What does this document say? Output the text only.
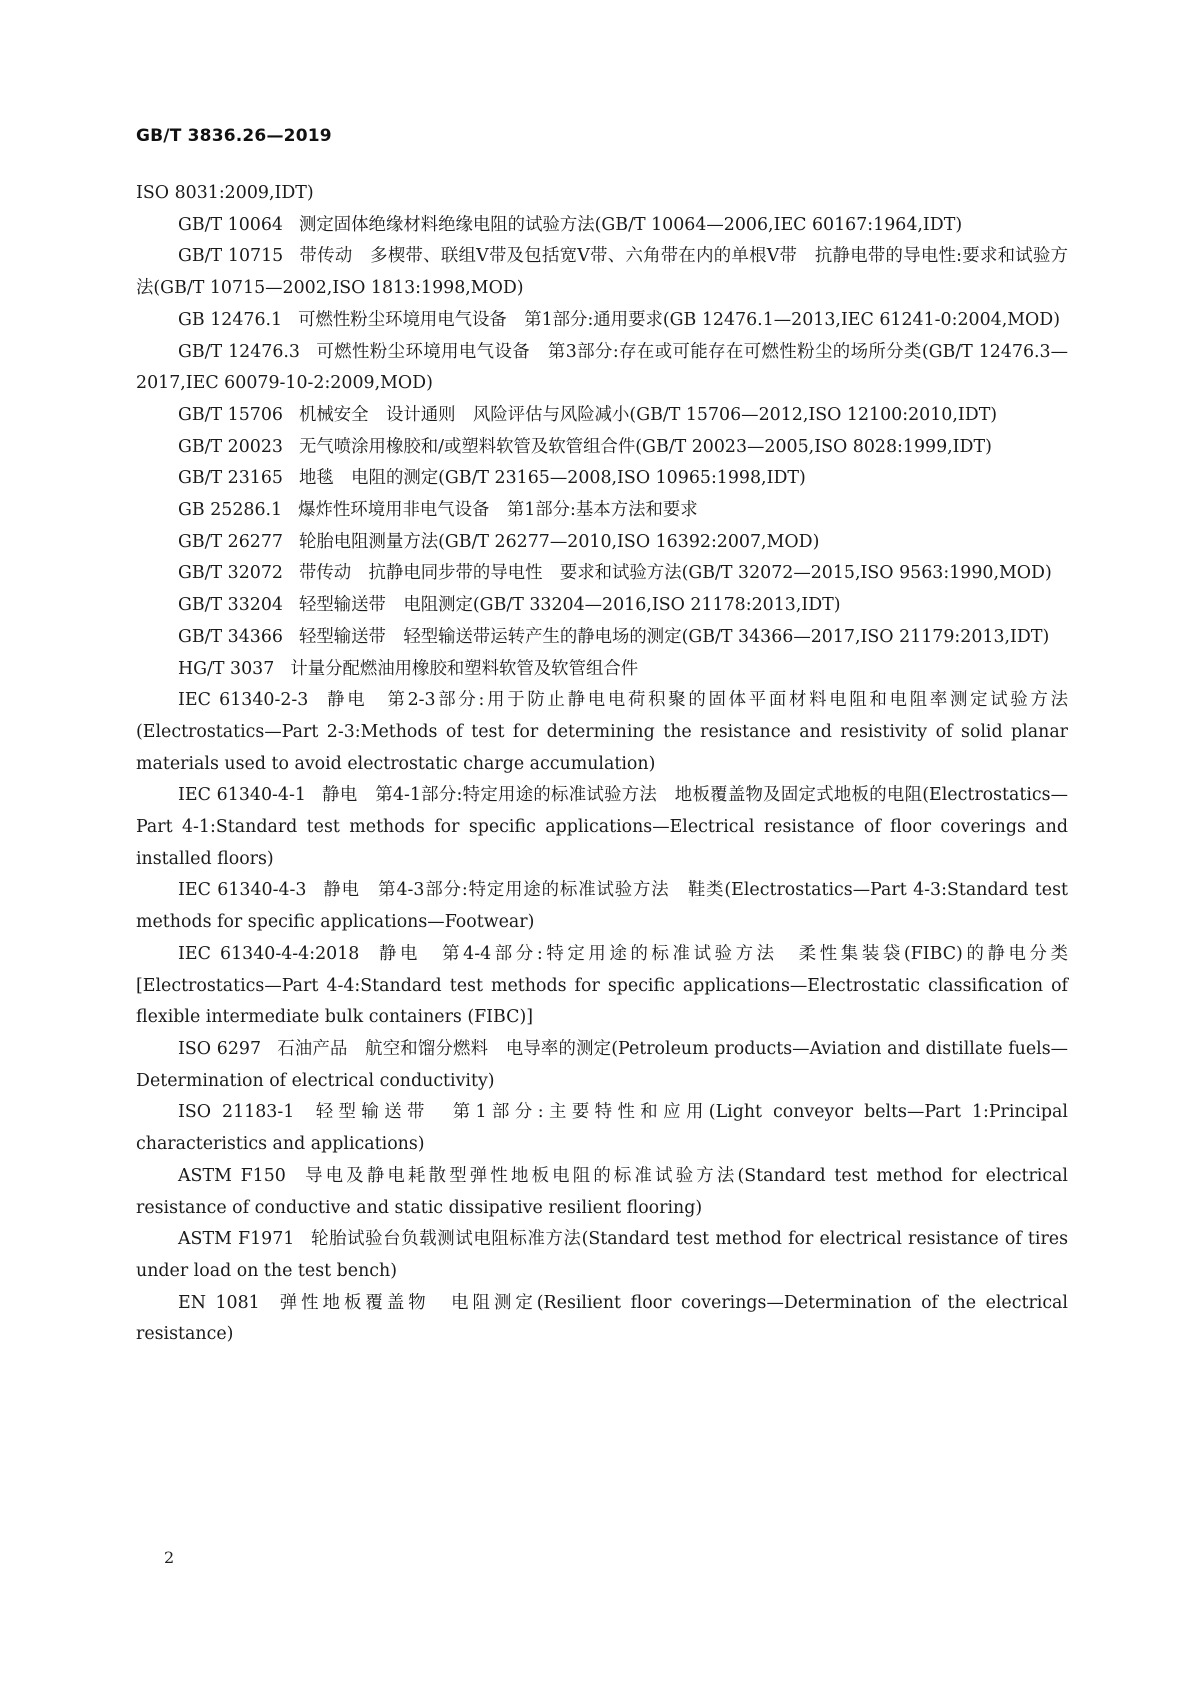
GB/T 3836.26—2019

ISO 8031:2009,IDT)

GB/T 10064 测定固体绝缘材料绝缘电阻的试验方法(GB/T 10064—2006,IEC 60167:1964,IDT)

GB/T 10715 带传动　多楔带、联组V带及包括宽V带、六角带在内的单根V带　抗静电带的导电性:要求和试验方法(GB/T 10715—2002,ISO 1813:1998,MOD)

GB 12476.1 可燃性粉尘环境用电气设备　第1部分:通用要求(GB 12476.1—2013,IEC 61241-0:2004,MOD)

GB/T 12476.3 可燃性粉尘环境用电气设备　第3部分:存在或可能存在可燃性粉尘的场所分类(GB/T 12476.3—2017,IEC 60079-10-2:2009,MOD)

GB/T 15706 机械安全　设计通则　风险评估与风险减小(GB/T 15706—2012,ISO 12100:2010,IDT)

GB/T 20023 无气喷涂用橡胶和/或塑料软管及软管组合件(GB/T 20023—2005,ISO 8028:1999,IDT)

GB/T 23165 地毯　电阻的测定(GB/T 23165—2008,ISO 10965:1998,IDT)

GB 25286.1 爆炸性环境用非电气设备　第1部分:基本方法和要求

GB/T 26277 轮胎电阻测量方法(GB/T 26277—2010,ISO 16392:2007,MOD)

GB/T 32072 带传动　抗静电同步带的导电性　要求和试验方法(GB/T 32072—2015,ISO 9563:1990,MOD)

GB/T 33204 轻型输送带　电阻测定(GB/T 33204—2016,ISO 21178:2013,IDT)

GB/T 34366 轻型输送带　轻型输送带运转产生的静电场的测定(GB/T 34366—2017,ISO 21179:2013,IDT)

HG/T 3037 计量分配燃油用橡胶和塑料软管及软管组合件

IEC 61340-2-3 静电　第2-3部分:用于防止静电电荷积聚的固体平面材料电阻和电阻率测定试验方法(Electrostatics—Part 2-3:Methods of test for determining the resistance and resistivity of solid planar materials used to avoid electrostatic charge accumulation)

IEC 61340-4-1 静电　第4-1部分:特定用途的标准试验方法　地板覆盖物及固定式地板的电阻(Electrostatics—Part 4-1:Standard test methods for specific applications—Electrical resistance of floor coverings and installed floors)

IEC 61340-4-3 静电　第4-3部分:特定用途的标准试验方法　鞋类(Electrostatics—Part 4-3:Standard test methods for specific applications—Footwear)

IEC 61340-4-4:2018 静电　第4-4部分:特定用途的标准试验方法　柔性集装袋(FIBC)的静电分类[Electrostatics—Part 4-4:Standard test methods for specific applications—Electrostatic classification of flexible intermediate bulk containers (FIBC)]

ISO 6297 石油产品　航空和馏分燃料　电导率的测定(Petroleum products—Aviation and distillate fuels—Determination of electrical conductivity)

ISO 21183-1 轻型输送带　第1部分:主要特性和应用(Light conveyor belts—Part 1:Principal characteristics and applications)

ASTM F150 导电及静电耗散型弹性地板电阻的标准试验方法(Standard test method for electrical resistance of conductive and static dissipative resilient flooring)

ASTM F1971 轮胎试验台负载测试电阻标准方法(Standard test method for electrical resistance of tires under load on the test bench)

EN 1081 弹性地板覆盖物　电阻测定(Resilient floor coverings—Determination of the electrical resistance)

2
